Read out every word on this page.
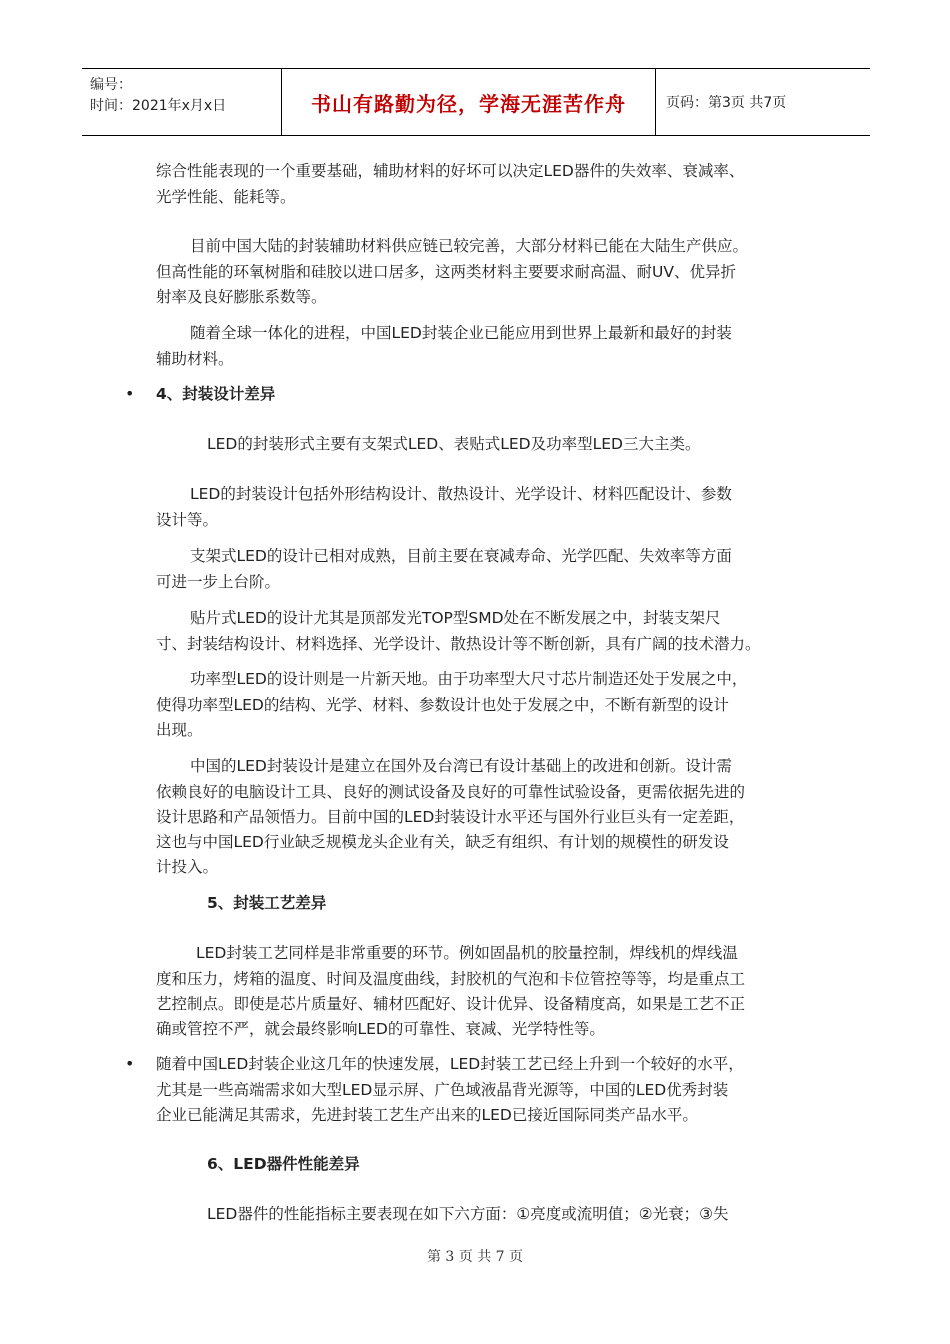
编号：
时间：2021年x月x日	书山有路勤为径，学海无涯苦作舟	页码：第3页 共7页
综合性能表现的一个重要基础，辅助材料的好坏可以决定LED器件的失效率、衰减率、
光学性能、能耗等。
目前中国大陆的封装辅助材料供应链已较完善，大部分材料已能在大陆生产供应。
但高性能的环氧树脂和硅胶以进口居多，这两类材料主要要求耐高温、耐UV、优异折
射率及良好膨胀系数等。
随着全球一体化的进程，中国LED封装企业已能应用到世界上最新和最好的封装
辅助材料。
• 4、封装设计差异
LED的封装形式主要有支架式LED、表贴式LED及功率型LED三大主类。
LED的封装设计包括外形结构设计、散热设计、光学设计、材料匹配设计、参数
设计等。
支架式LED的设计已相对成熟，目前主要在衰减寿命、光学匹配、失效率等方面
可进一步上台阶。
贴片式LED的设计尤其是顶部发光TOP型SMD处在不断发展之中，封装支架尺
寸、封装结构设计、材料选择、光学设计、散热设计等不断创新，具有广阔的技术潜力。
功率型LED的设计则是一片新天地。由于功率型大尺寸芯片制造还处于发展之中，
使得功率型LED的结构、光学、材料、参数设计也处于发展之中，不断有新型的设计
出现。
中国的LED封装设计是建立在国外及台湾已有设计基础上的改进和创新。设计需
依赖良好的电脑设计工具、良好的测试设备及良好的可靠性试验设备，更需依据先进的
设计思路和产品领悟力。目前中国的LED封装设计水平还与国外行业巨头有一定差距，
这也与中国LED行业缺乏规模龙头企业有关，缺乏有组织、有计划的规模性的研发设
计投入。
5、封装工艺差异
LED封装工艺同样是非常重要的环节。例如固晶机的胶量控制，焊线机的焊线温
度和压力，烤箱的温度、时间及温度曲线，封胶机的气泡和卡位管控等等，均是重点工
艺控制点。即使是芯片质量好、辅材匹配好、设计优异、设备精度高，如果是工艺不正
确或管控不严，就会最终影响LED的可靠性、衰减、光学特性等。
• 随着中国LED封装企业这几年的快速发展，LED封装工艺已经上升到一个较好的水平，
尤其是一些高端需求如大型LED显示屏、广色域液晶背光源等，中国的LED优秀封装
企业已能满足其需求，先进封装工艺生产出来的LED已接近国际同类产品水平。
6、LED器件性能差异
LED器件的性能指标主要表现在如下六方面：①亮度或流明值；②光衰；③失
第 3 页 共 7 页
